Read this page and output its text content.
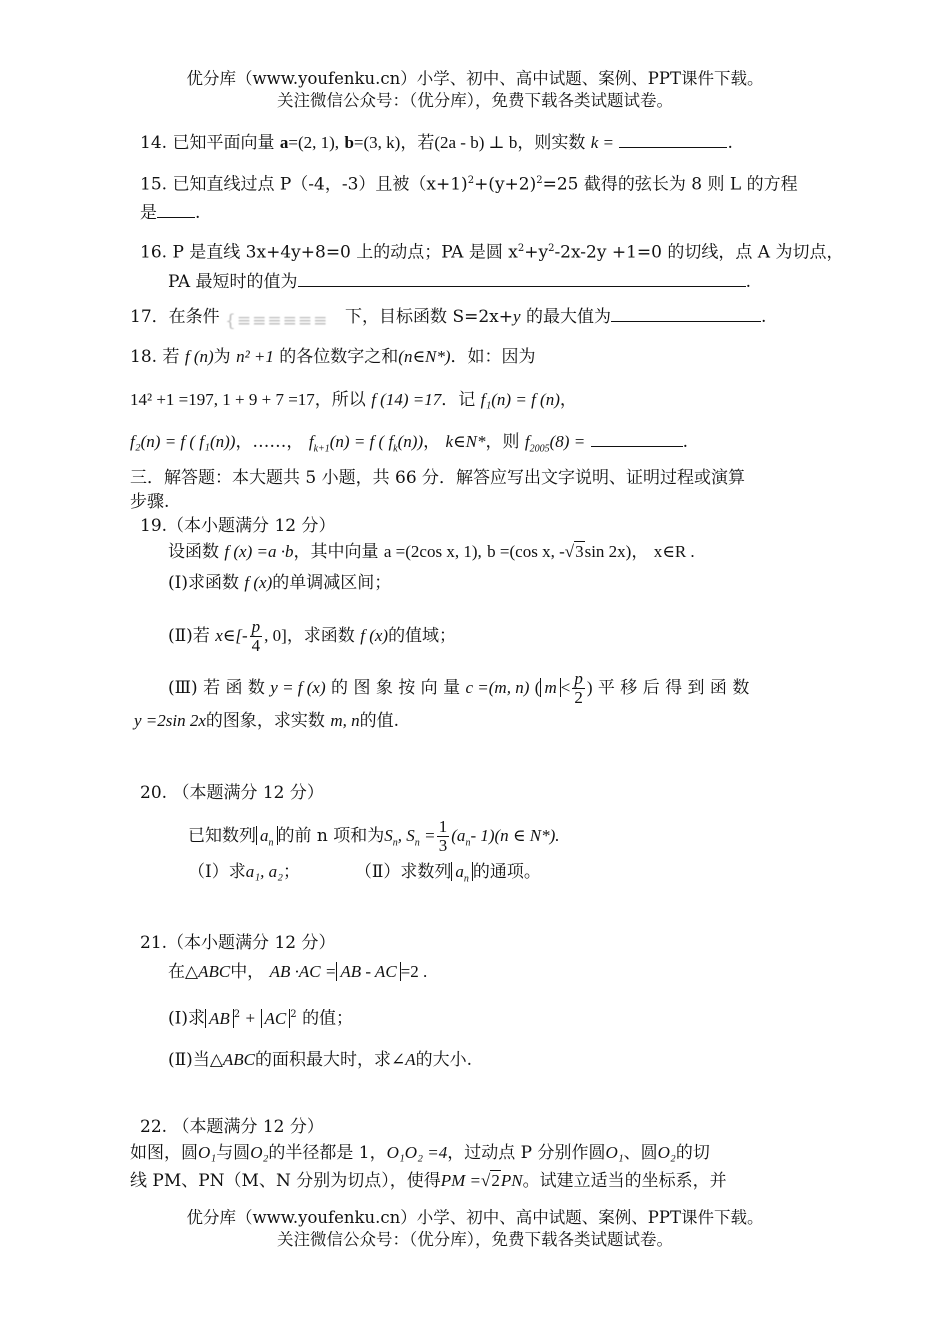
优分库（www.youfenku.cn）小学、初中、高中试题、案例、PPT课件下载。
关注微信公众号：（优分库），免费下载各类试题试卷。
14. 已知平面向量 a=(2, 1), b=(3, k)，若(2a - b) ⊥ b，则实数 k =	.
15. 已知直线过点 P（-4，-3）且被$(x+1)^2+(y+2)^2=25$ 截得的弦长为 8 则 L 的方程
是 .
16. P 是直线 3x+4y+8=0 上的动点；PA 是圆 $x^2+y^2-2x-2y +1=0$ 的切线，点 A 为切点，
PA 最短时的值为	.
17．在条件 {≡≡≡≡≡≡ 下，目标函数 S=2x+y 的最大值为	.
18. 若 f (n)为 n² +1 的各位数字之和(n∈N*)．如：因为
14² +1 =197, 1 + 9 + 7 =17，所以 f (14) =17．记 f₁(n) = f (n)，
f₂(n) = f ( f₁(n))，……， $f_{k+1}(n) = f$ ( $f_k(n)$)， k∈N*，则 $f_{2005}(8)$ =	.
三．解答题：本大题共 5 小题，共 66 分．解答应写出文字说明、证明过程或演算
步骤.
19.（本小题满分 12 分）
设函数 f (x) =a ·b，其中向量 a =(2cos x, 1), b =(cos x, -√3sin 2x)， x∈R .
(Ⅰ)求函数 f (x)的单调减区间；
(Ⅱ)若 x∈[- $\frac{p}{4}$ , 0]，求函数 f (x)的值域；
(Ⅲ) 若 函 数 y = f (x) 的 图 象 按 向 量 c =(m, n) ( $m < \frac{p}{2}$ ) 平 移 后 得 到 函 数
y =2sin 2x的图象，求实数 m, n的值.
20. （本题满分 12 分）
已知数列 $a_n$ 的前 n 项和为$S_n$, $S_n = \frac{1}{3} (a_n-$ 1)(n ∈ N*).
（Ⅰ）求a₁, a₂；	（Ⅱ）求数列 $a_n$ 的通项。
21.（本小题满分 12 分）
在△ABC中， AB ·AC = AB - AC =2 .
(Ⅰ)求 AB $^2$ + AC $^2$ 的值；
(Ⅱ)当△ABC的面积最大时，求∠A的大小.
22. （本题满分 12 分）
如图，圆O₁与圆O₂的半径都是 1，O₁O₂ =4，过动点 P 分别作圆O₁、圆O₂的切
线 PM、PN（M、N 分别为切点），使得PM =√2PN。试建立适当的坐标系，并
优分库（www.youfenku.cn）小学、初中、高中试题、案例、PPT课件下载。
关注微信公众号：（优分库），免费下载各类试题试卷。
